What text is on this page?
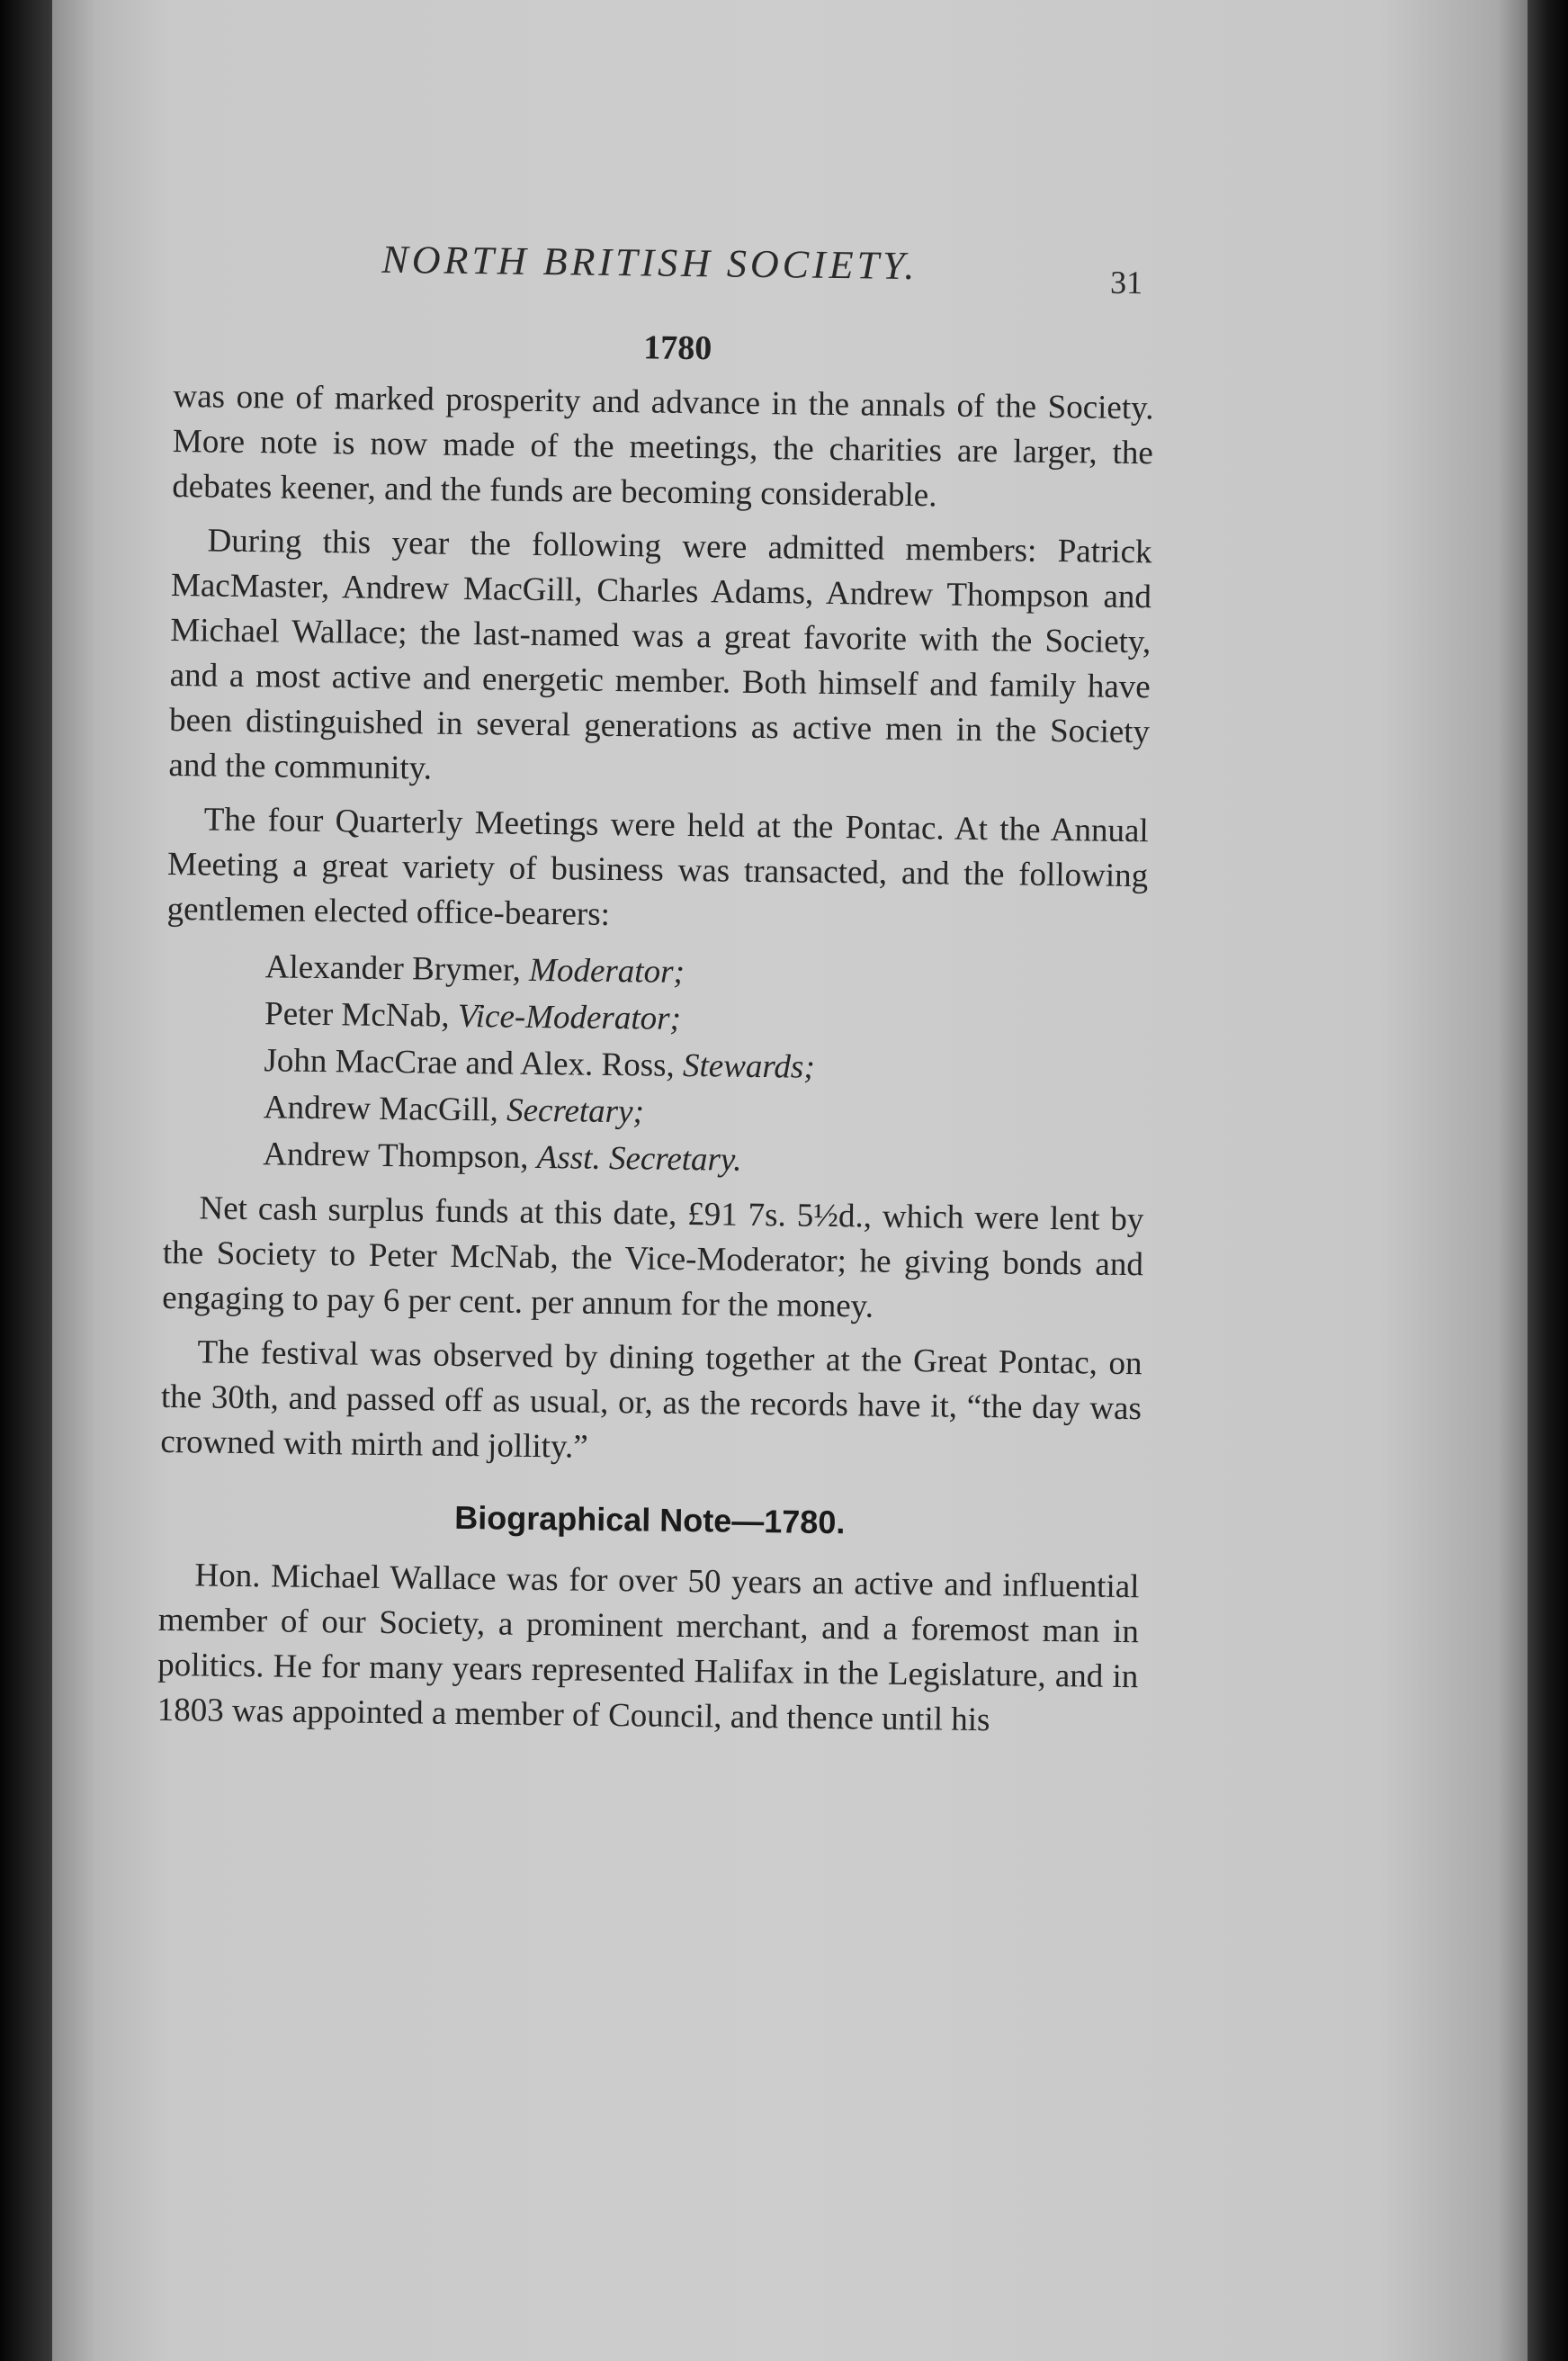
NORTH BRITISH SOCIETY.	31
1780

was one of marked prosperity and advance in the annals of the Society. More note is now made of the meetings, the charities are larger, the debates keener, and the funds are becoming considerable.

During this year the following were admitted members: Patrick MacMaster, Andrew MacGill, Charles Adams, Andrew Thompson and Michael Wallace; the last-named was a great favorite with the Society, and a most active and energetic member. Both himself and family have been distinguished in several generations as active men in the Society and the community.

The four Quarterly Meetings were held at the Pontac. At the Annual Meeting a great variety of business was transacted, and the following gentlemen elected office-bearers:

Alexander Brymer, Moderator;
Peter McNab, Vice-Moderator;
John MacCrae and Alex. Ross, Stewards;
Andrew MacGill, Secretary;
Andrew Thompson, Asst. Secretary.

Net cash surplus funds at this date, £91 7s. 5½d., which were lent by the Society to Peter McNab, the Vice-Moderator; he giving bonds and engaging to pay 6 per cent. per annum for the money.

The festival was observed by dining together at the Great Pontac, on the 30th, and passed off as usual, or, as the records have it, “the day was crowned with mirth and jollity.”

Biographical Note—1780.

Hon. Michael Wallace was for over 50 years an active and influential member of our Society, a prominent merchant, and a foremost man in politics. He for many years represented Halifax in the Legislature, and in 1803 was appointed a member of Council, and thence until his
